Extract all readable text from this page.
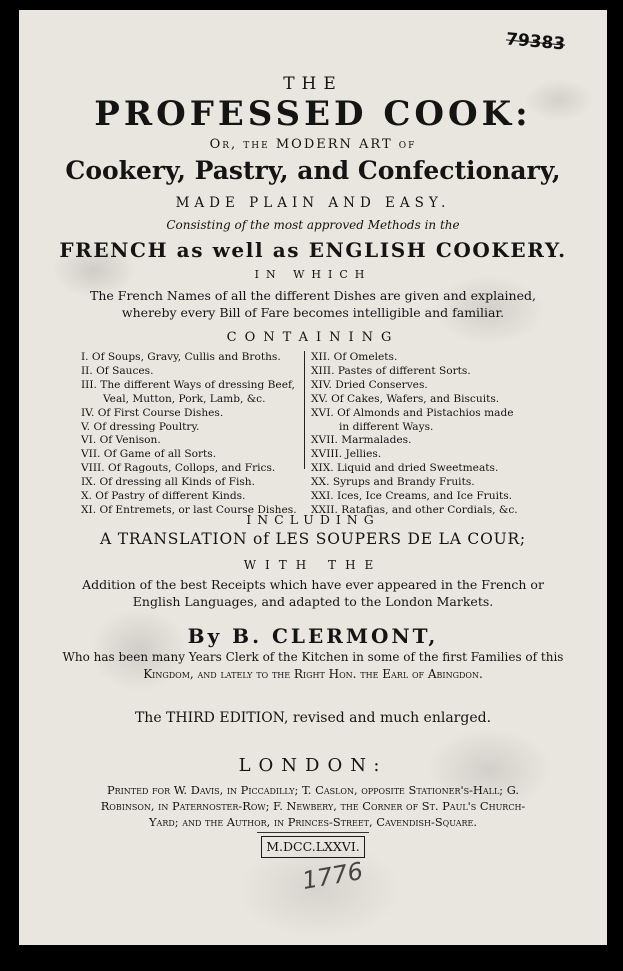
79383
THE
PROFESSED COOK:
Or, the MODERN ART of
Cookery, Pastry, and Confectionary,
MADE PLAIN AND EASY.
Consisting of the most approved Methods in the
FRENCH as well as ENGLISH COOKERY.
IN WHICH
The French Names of all the different Dishes are given and explained,
whereby every Bill of Fare becomes intelligible and familiar.
CONTAINING
I. Of Soups, Gravy, Cullis and Broths.
II. Of Sauces.
III. The different Ways of dressing Beef,
Veal, Mutton, Pork, Lamb, &c.
IV. Of First Course Dishes.
V. Of dressing Poultry.
VI. Of Venison.
VII. Of Game of all Sorts.
VIII. Of Ragouts, Collops, and Frics.
IX. Of dressing all Kinds of Fish.
X. Of Pastry of different Kinds.
XI. Of Entremets, or last Course Dishes.
XII. Of Omelets.
XIII. Pastes of different Sorts.
XIV. Dried Conserves.
XV. Of Cakes, Wafers, and Biscuits.
XVI. Of Almonds and Pistachios made
in different Ways.
XVII. Marmalades.
XVIII. Jellies.
XIX. Liquid and dried Sweetmeats.
XX. Syrups and Brandy Fruits.
XXI. Ices, Ice Creams, and Ice Fruits.
XXII. Ratafias, and other Cordials, &c.
INCLUDING
A TRANSLATION of LES SOUPERS DE LA COUR;
WITH THE
Addition of the best Receipts which have ever appeared in the French or
English Languages, and adapted to the London Markets.
By B. CLERMONT,
Who has been many Years Clerk of the Kitchen in some of the first Families of this
Kingdom, and lately to the Right Hon. the Earl of Abingdon.
The THIRD EDITION, revised and much enlarged.
LONDON:
Printed for W. Davis, in Piccadilly; T. Caslon, opposite Stationer's-Hall; G.
Robinson, in Paternoster-Row; F. Newbery, the Corner of St. Paul's Church-
Yard; and the Author, in Princes-Street, Cavendish-Square.
M.DCC.LXXVI.
1776
